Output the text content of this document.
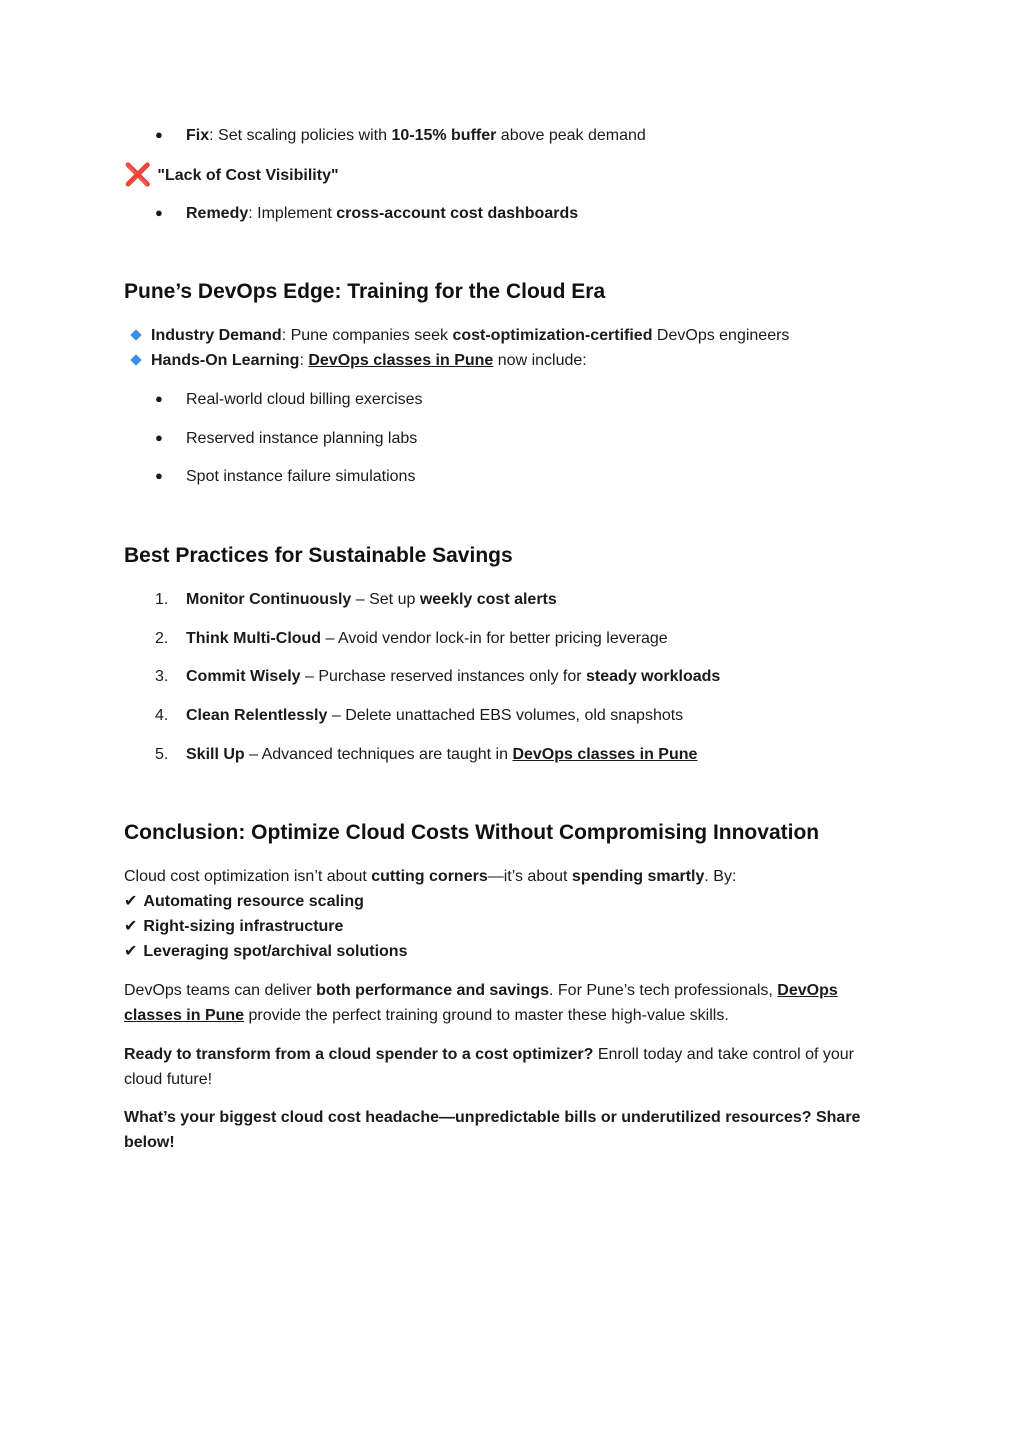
● Fix: Set scaling policies with 10-15% buffer above peak demand
❌ "Lack of Cost Visibility"
● Remedy: Implement cross-account cost dashboards
Pune’s DevOps Edge: Training for the Cloud Era
Industry Demand: Pune companies seek cost-optimization-certified DevOps engineers
Hands-On Learning: DevOps classes in Pune now include:
● Real-world cloud billing exercises
● Reserved instance planning labs
● Spot instance failure simulations
Best Practices for Sustainable Savings
1. Monitor Continuously – Set up weekly cost alerts
2. Think Multi-Cloud – Avoid vendor lock-in for better pricing leverage
3. Commit Wisely – Purchase reserved instances only for steady workloads
4. Clean Relentlessly – Delete unattached EBS volumes, old snapshots
5. Skill Up – Advanced techniques are taught in DevOps classes in Pune
Conclusion: Optimize Cloud Costs Without Compromising Innovation
Cloud cost optimization isn’t about cutting corners—it’s about spending smartly. By:
✔ Automating resource scaling
✔ Right-sizing infrastructure
✔ Leveraging spot/archival solutions
DevOps teams can deliver both performance and savings. For Pune’s tech professionals, DevOps classes in Pune provide the perfect training ground to master these high-value skills.
Ready to transform from a cloud spender to a cost optimizer? Enroll today and take control of your cloud future!
What’s your biggest cloud cost headache—unpredictable bills or underutilized resources? Share below!
